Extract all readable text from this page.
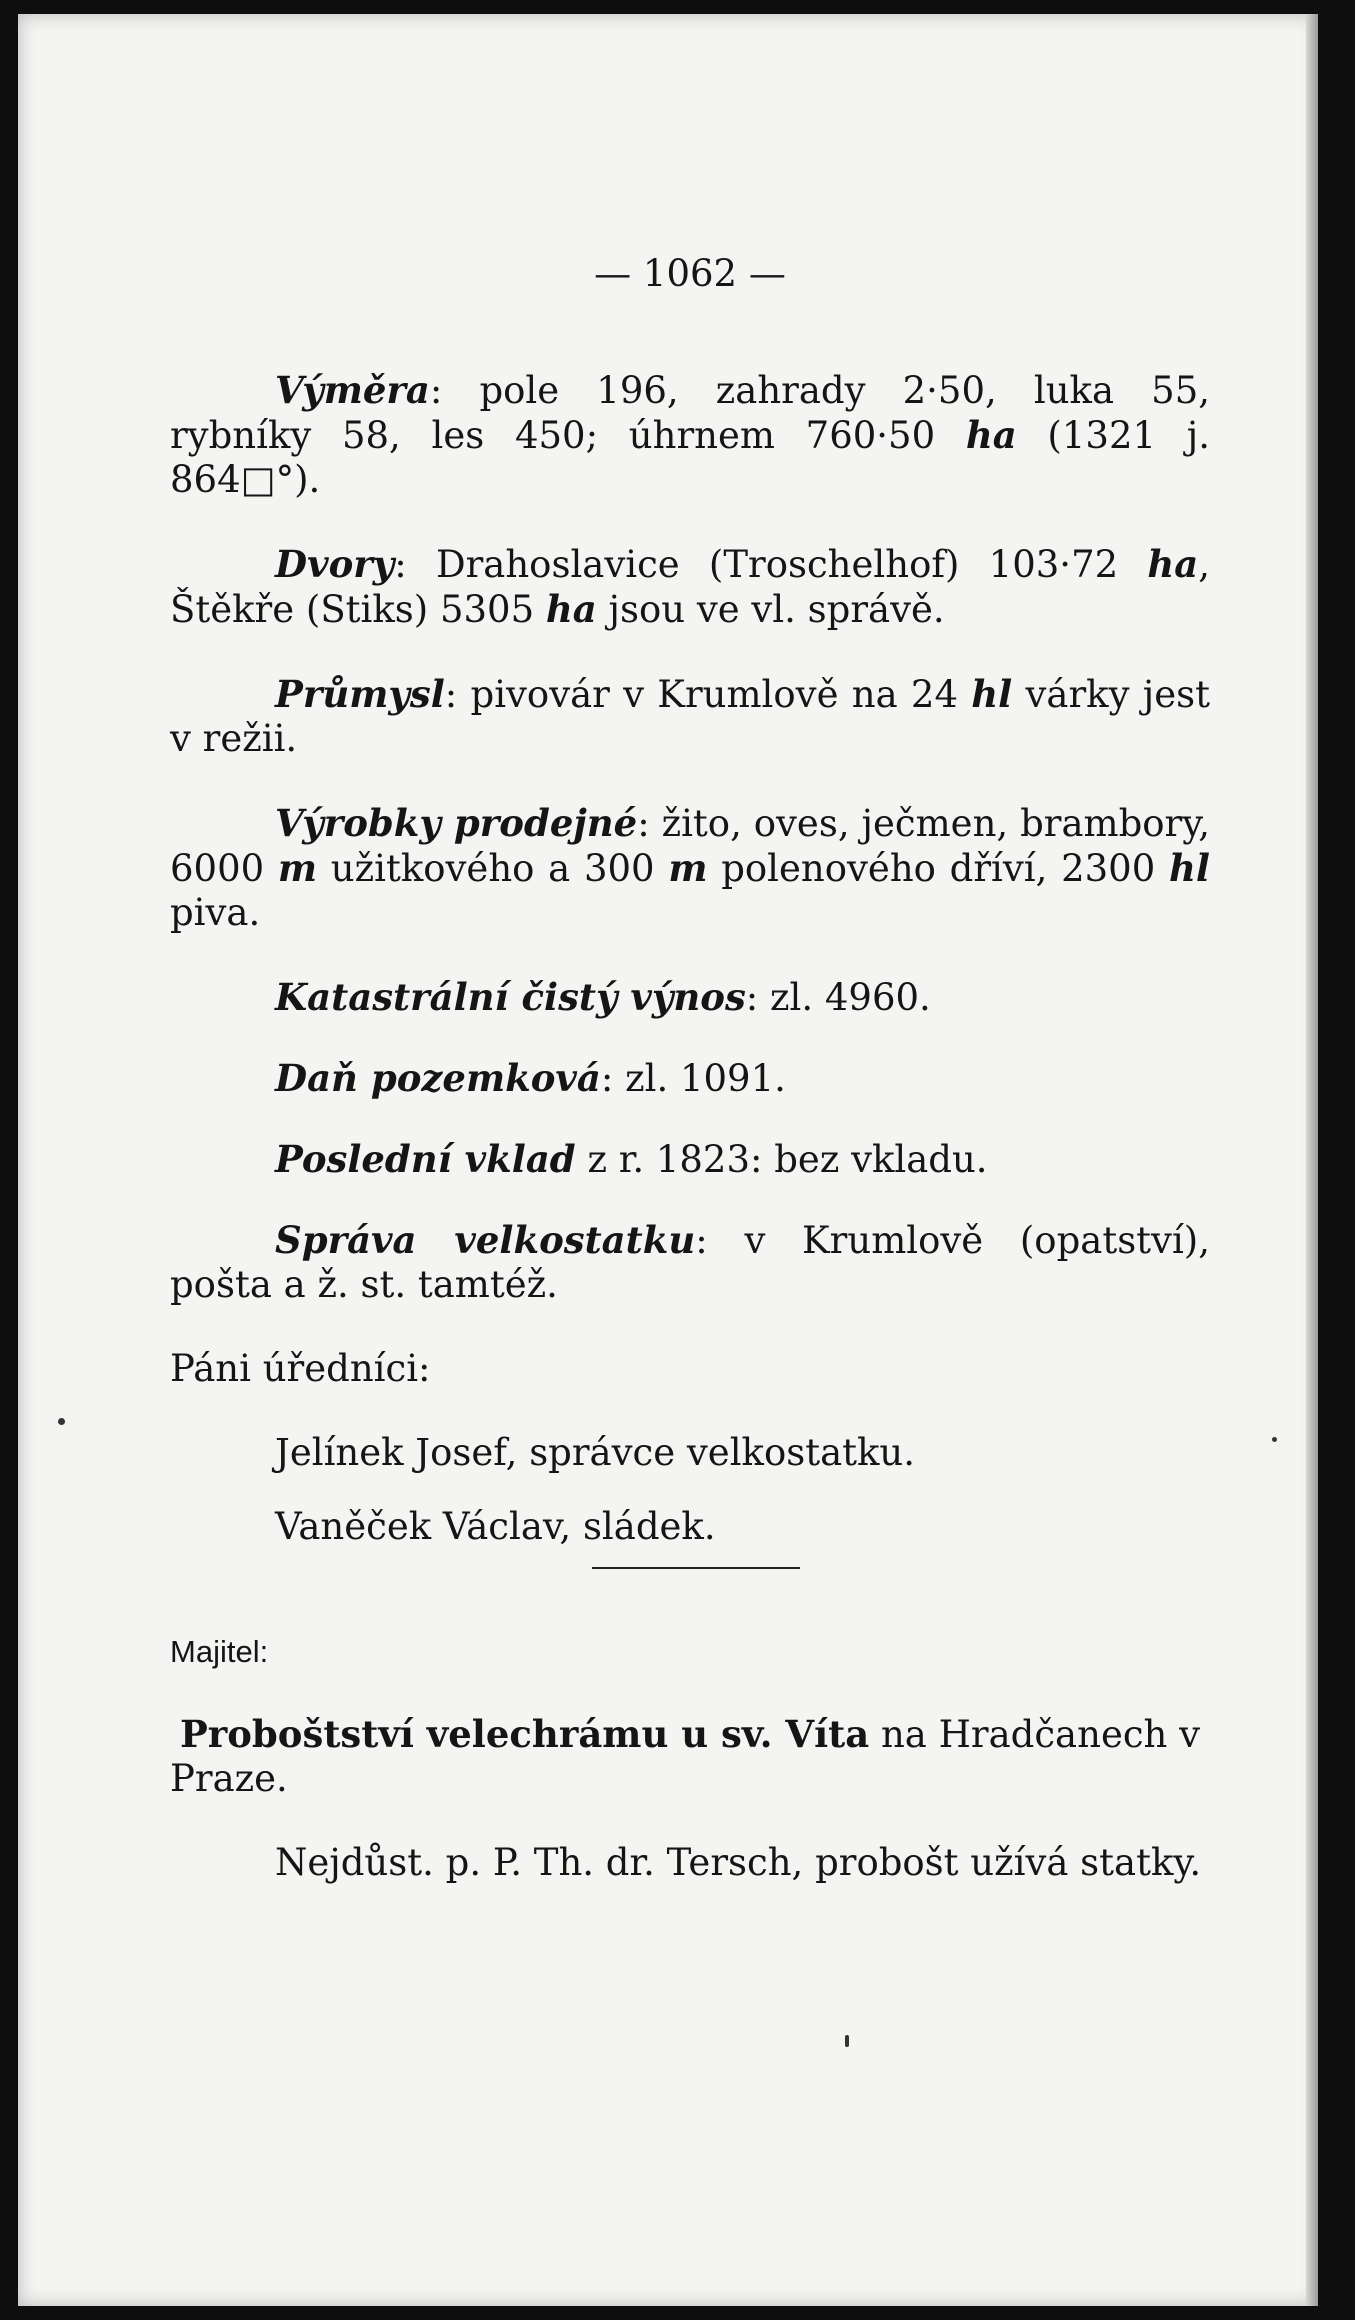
— 1062 —

Výměra: pole 196, zahrady 2·50, luka 55, rybníky 58, les 450; úhrnem 760·50 ha (1321 j. 864□°).

Dvory: Drahoslavice (Troschelhof) 103·72 ha, Štěkře (Stiks) 5305 ha jsou ve vl. správě.

Průmysl: pivovár v Krumlově na 24 hl várky jest v režii.

Výrobky prodejné: žito, oves, ječmen, brambory, 6000 m užitkového a 300 m polenového dříví, 2300 hl piva.

Katastrální čistý výnos: zl. 4960.

Daň pozemková: zl. 1091.

Poslední vklad z r. 1823: bez vkladu.

Správa velkostatku: v Krumlově (opatství), pošta a ž. st. tamtéž.

Páni úředníci:

Jelínek Josef, správce velkostatku.

Vaněček Václav, sládek.

Majitel:

Proboštství velechrámu u sv. Víta na Hradčanech v Praze.

Nejdůst. p. P. Th. dr. Tersch, probošt užívá statky.
